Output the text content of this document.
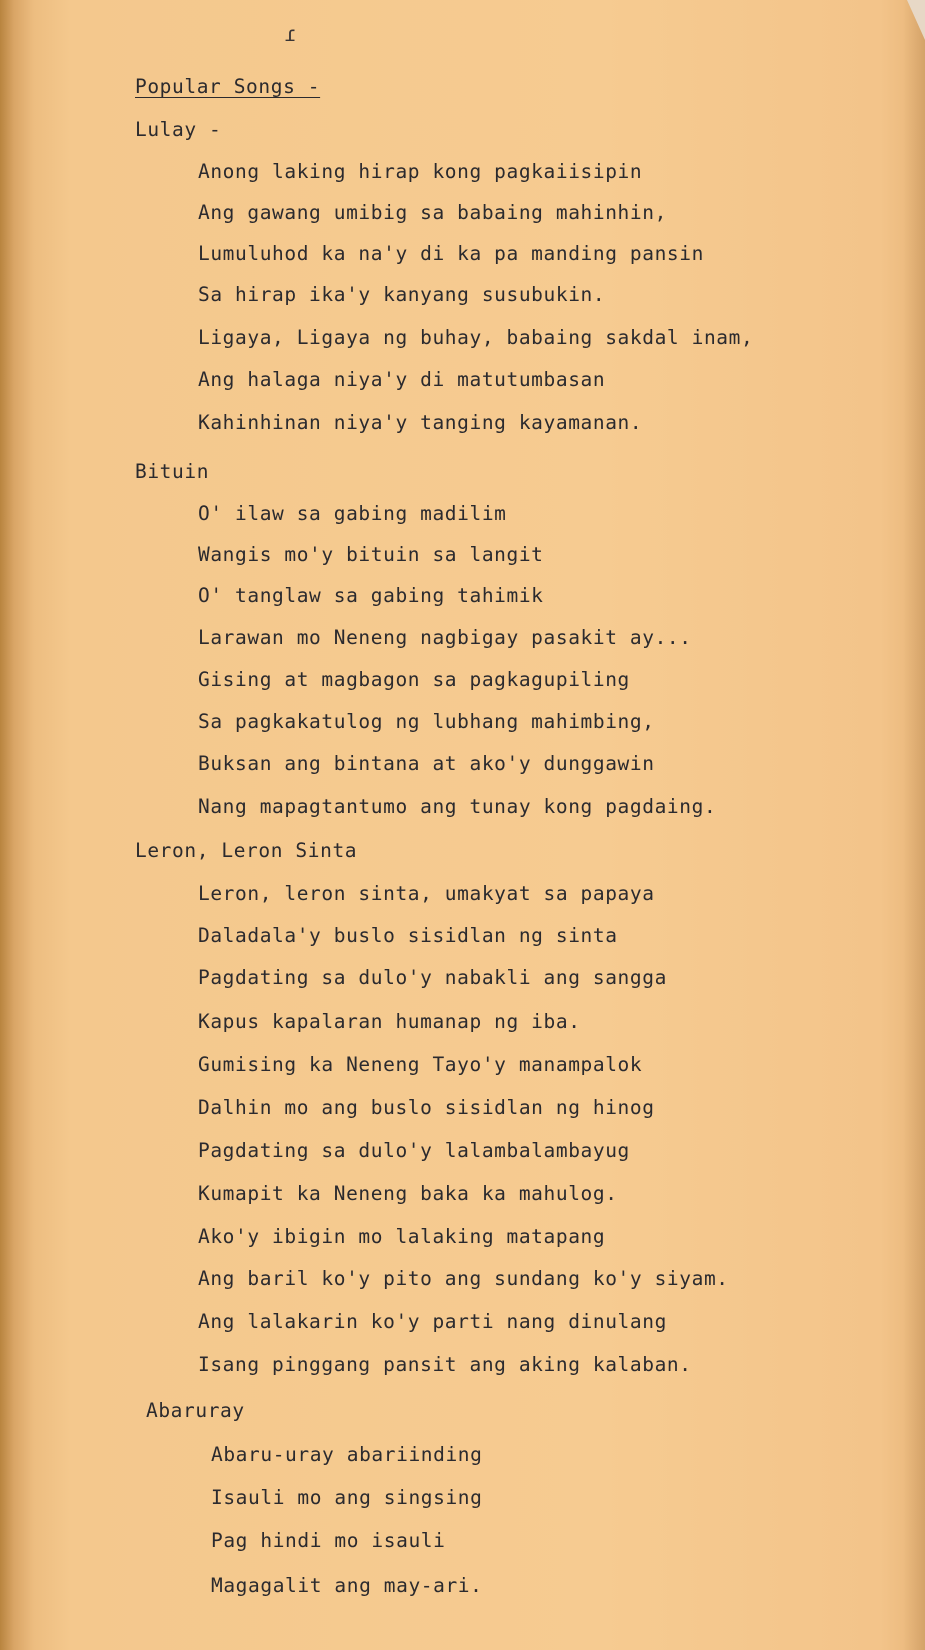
ɾ
Popular Songs -
Lulay -
Anong laking hirap kong pagkaiisipin
Ang gawang umibig sa babaing mahinhin,
Lumuluhod ka na'y di ka pa manding pansin
Sa hirap ika'y kanyang susubukin.
Ligaya, Ligaya ng buhay, babaing sakdal inam,
Ang halaga niya'y di matutumbasan
Kahinhinan niya'y tanging kayamanan.
Bituin
O' ilaw sa gabing madilim
Wangis mo'y bituin sa langit
O' tanglaw sa gabing tahimik
Larawan mo Neneng nagbigay pasakit ay...
Gising at magbagon sa pagkagupiling
Sa pagkakatulog ng lubhang mahimbing,
Buksan ang bintana at ako'y dunggawin
Nang mapagtantumo ang tunay kong pagdaing.
Leron, Leron Sinta
Leron, leron sinta, umakyat sa papaya
Daladala'y buslo sisidlan ng sinta
Pagdating sa dulo'y nabakli ang sangga
Kapus kapalaran humanap ng iba.
Gumising ka Neneng Tayo'y manampalok
Dalhin mo ang buslo sisidlan ng hinog
Pagdating sa dulo'y lalambalambayug
Kumapit ka Neneng baka ka mahulog.
Ako'y ibigin mo lalaking matapang
Ang baril ko'y pito ang sundang ko'y siyam.
Ang lalakarin ko'y parti nang dinulang
Isang pinggang pansit ang aking kalaban.
Abaruray
Abaru-uray abariinding
Isauli mo ang singsing
Pag hindi mo isauli
Magagalit ang may-ari.
